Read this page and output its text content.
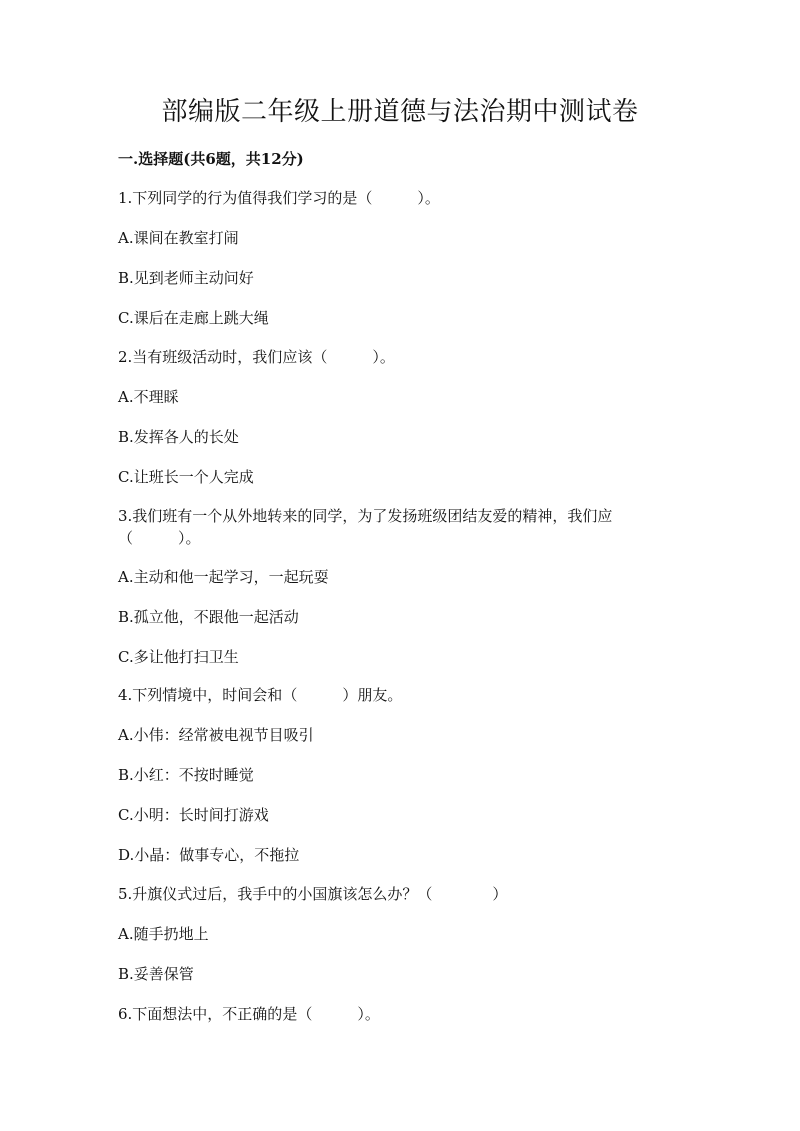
部编版二年级上册道德与法治期中测试卷
一.选择题(共6题，共12分)
1.下列同学的行为值得我们学习的是（　　　）。
A.课间在教室打闹
B.见到老师主动问好
C.课后在走廊上跳大绳
2.当有班级活动时，我们应该（　　　）。
A.不理睬
B.发挥各人的长处
C.让班长一个人完成
3.我们班有一个从外地转来的同学，为了发扬班级团结友爱的精神，我们应（　　　）。
A.主动和他一起学习，一起玩耍
B.孤立他，不跟他一起活动
C.多让他打扫卫生
4.下列情境中，时间会和（　　　）朋友。
A.小伟：经常被电视节目吸引
B.小红：不按时睡觉
C.小明：长时间打游戏
D.小晶：做事专心，不拖拉
5.升旗仪式过后，我手中的小国旗该怎么办？（　　　　）
A.随手扔地上
B.妥善保管
6.下面想法中，不正确的是（　　　）。
